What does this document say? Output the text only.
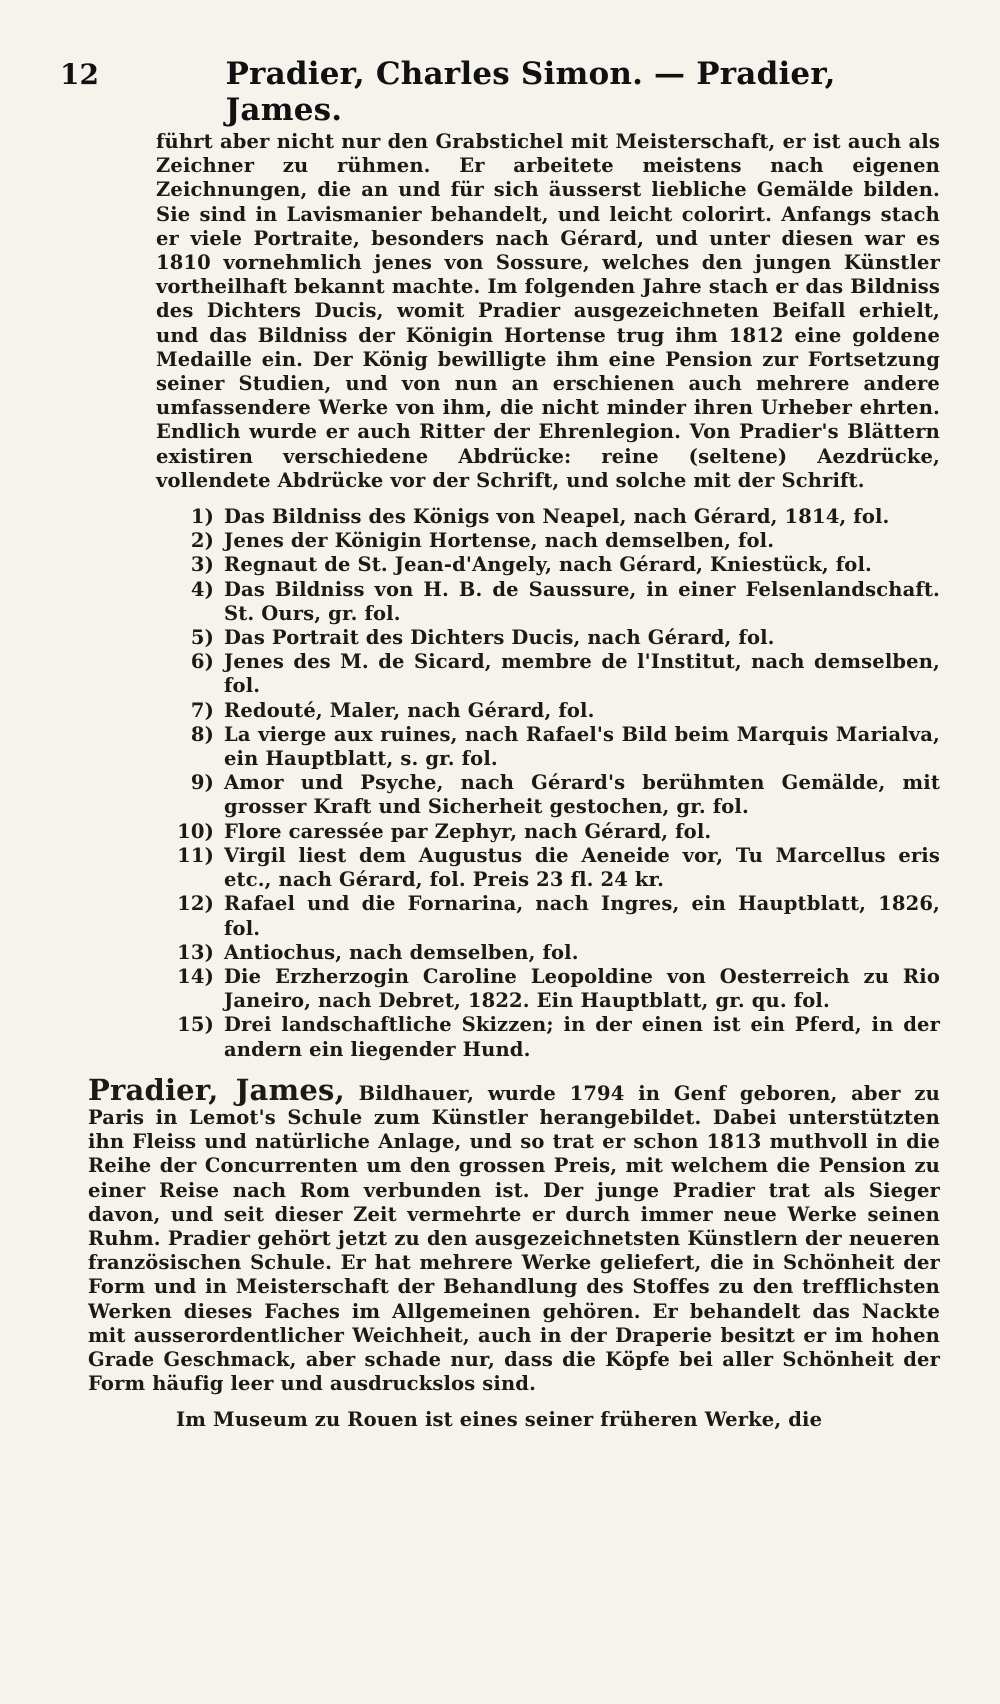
12	Pradier, Charles Simon. — Pradier, James.

führt aber nicht nur den Grabstichel mit Meisterschaft, er ist auch als Zeichner zu rühmen. Er arbeitete meistens nach eigenen Zeichnungen, die an und für sich äusserst liebliche Gemälde bilden. Sie sind in Lavismanier behandelt, und leicht colorirt. Anfangs stach er viele Portraite, besonders nach Gérard, und unter diesen war es 1810 vornehmlich jenes von Sossure, welches den jungen Künstler vortheilhaft bekannt machte. Im folgenden Jahre stach er das Bildniss des Dichters Ducis, womit Pradier ausgezeichneten Beifall erhielt, und das Bildniss der Königin Hortense trug ihm 1812 eine goldene Medaille ein. Der König bewilligte ihm eine Pension zur Fortsetzung seiner Studien, und von nun an erschienen auch mehrere andere umfassendere Werke von ihm, die nicht minder ihren Urheber ehrten. Endlich wurde er auch Ritter der Ehrenlegion. Von Pradier's Blättern existiren verschiedene Abdrücke: reine (seltene) Aezdrücke, vollendete Abdrücke vor der Schrift, und solche mit der Schrift.

1) Das Bildniss des Königs von Neapel, nach Gérard, 1814, fol.
2) Jenes der Königin Hortense, nach demselben, fol.
3) Regnaut de St. Jean-d'Angely, nach Gérard, Kniestück, fol.
4) Das Bildniss von H. B. de Saussure, in einer Felsenlandschaft. St. Ours, gr. fol.
5) Das Portrait des Dichters Ducis, nach Gérard, fol.
6) Jenes des M. de Sicard, membre de l'Institut, nach demselben, fol.
7) Redouté, Maler, nach Gérard, fol.
8) La vierge aux ruines, nach Rafael's Bild beim Marquis Marialva, ein Hauptblatt, s. gr. fol.
9) Amor und Psyche, nach Gérard's berühmten Gemälde, mit grosser Kraft und Sicherheit gestochen, gr. fol.
10) Flore caressée par Zephyr, nach Gérard, fol.
11) Virgil liest dem Augustus die Aeneide vor, Tu Marcellus eris etc., nach Gérard, fol. Preis 23 fl. 24 kr.
12) Rafael und die Fornarina, nach Ingres, ein Hauptblatt, 1826, fol.
13) Antiochus, nach demselben, fol.
14) Die Erzherzogin Caroline Leopoldine von Oesterreich zu Rio Janeiro, nach Debret, 1822. Ein Hauptblatt, gr. qu. fol.
15) Drei landschaftliche Skizzen; in der einen ist ein Pferd, in der andern ein liegender Hund.

Pradier, James, Bildhauer, wurde 1794 in Genf geboren, aber zu Paris in Lemot's Schule zum Künstler herangebildet. Dabei unterstützten ihn Fleiss und natürliche Anlage, und so trat er schon 1813 muthvoll in die Reihe der Concurrenten um den grossen Preis, mit welchem die Pension zu einer Reise nach Rom verbunden ist. Der junge Pradier trat als Sieger davon, und seit dieser Zeit vermehrte er durch immer neue Werke seinen Ruhm. Pradier gehört jetzt zu den ausgezeichnetsten Künstlern der neueren französischen Schule. Er hat mehrere Werke geliefert, die in Schönheit der Form und in Meisterschaft der Behandlung des Stoffes zu den trefflichsten Werken dieses Faches im Allgemeinen gehören. Er behandelt das Nackte mit ausserordentlicher Weichheit, auch in der Draperie besitzt er im hohen Grade Geschmack, aber schade nur, dass die Köpfe bei aller Schönheit der Form häufig leer und ausdruckslos sind.

Im Museum zu Rouen ist eines seiner früheren Werke, die
